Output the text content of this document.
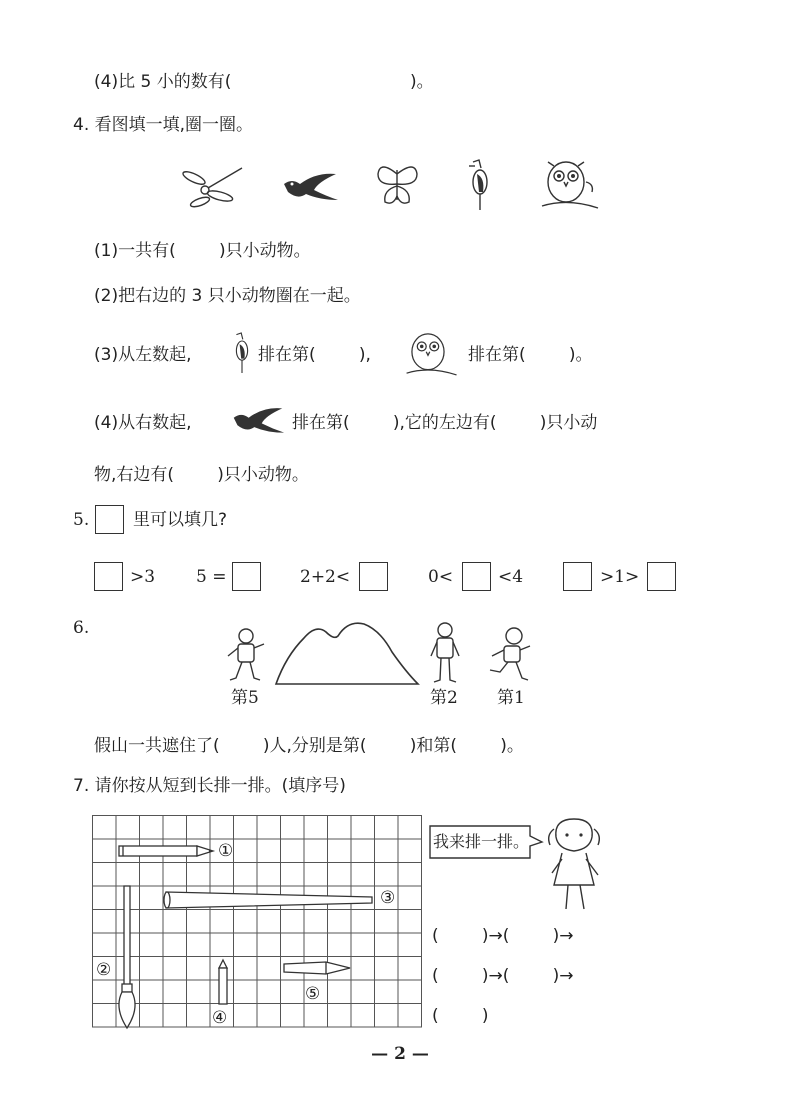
(4)比 5 小的数有(	)。
4. 看图填一填,圈一圈。
(1)一共有(        )只小动物。
(2)把右边的 3 只小动物圈在一起。
(3)从左数起,	排在第(        ),	排在第(        )。
(4)从右数起,	排在第(        ),它的左边有(        )只小动
物,右边有(        )只小动物。
5.	里可以填几?
>3 5 =	2+2<	0<	<4	>1>
6.
第5	第2 第1
假山一共遮住了(        )人,分别是第(        )和第(        )。
7. 请你按从短到长排一排。(填序号)
①
③
②
④
⑤
我来排一排。
(        )→(        )→
(        )→(        )→
(        )
— 2 —
